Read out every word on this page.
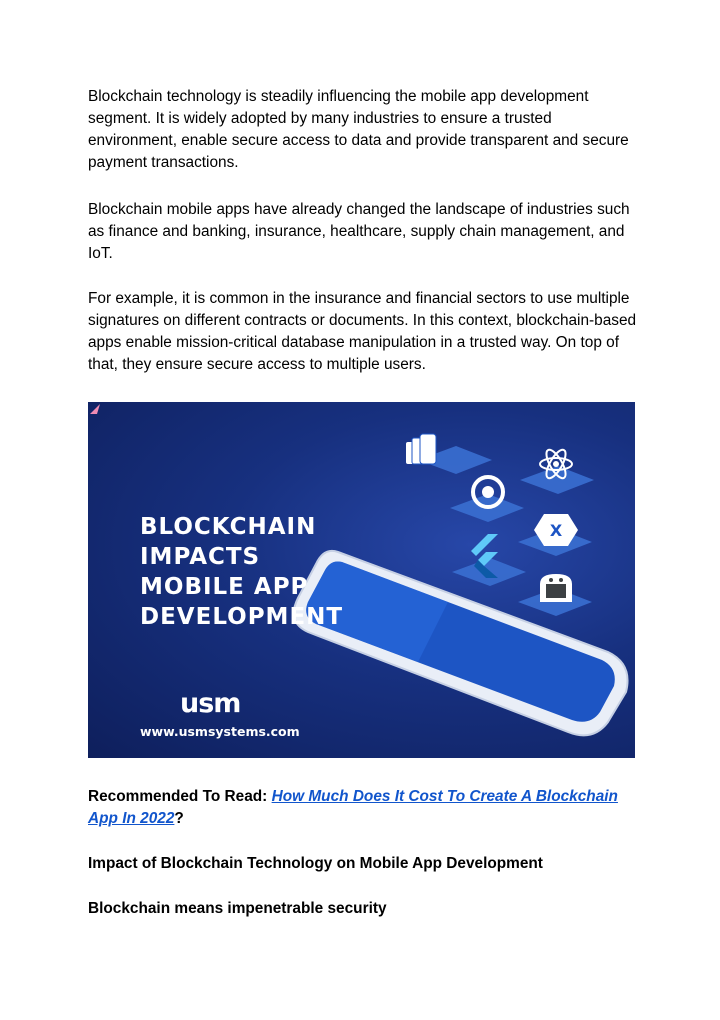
Blockchain technology is steadily influencing the mobile app development segment. It is widely adopted by many industries to ensure a trusted environment, enable secure access to data and provide transparent and secure payment transactions.

Blockchain mobile apps have already changed the landscape of industries such as finance and banking, insurance, healthcare, supply chain management, and IoT.

For example, it is common in the insurance and financial sectors to use multiple signatures on different contracts or documents. In this context, blockchain-based apps enable mission-critical database manipulation in a trusted way. On top of that, they ensure secure access to multiple users.

X
BLOCKCHAIN
IMPACTS
MOBILE APP
DEVELOPMENT
usm
www.usmsystems.com

Recommended To Read: How Much Does It Cost To Create A Blockchain App In 2022?

Impact of Blockchain Technology on Mobile App Development

Blockchain means impenetrable security
